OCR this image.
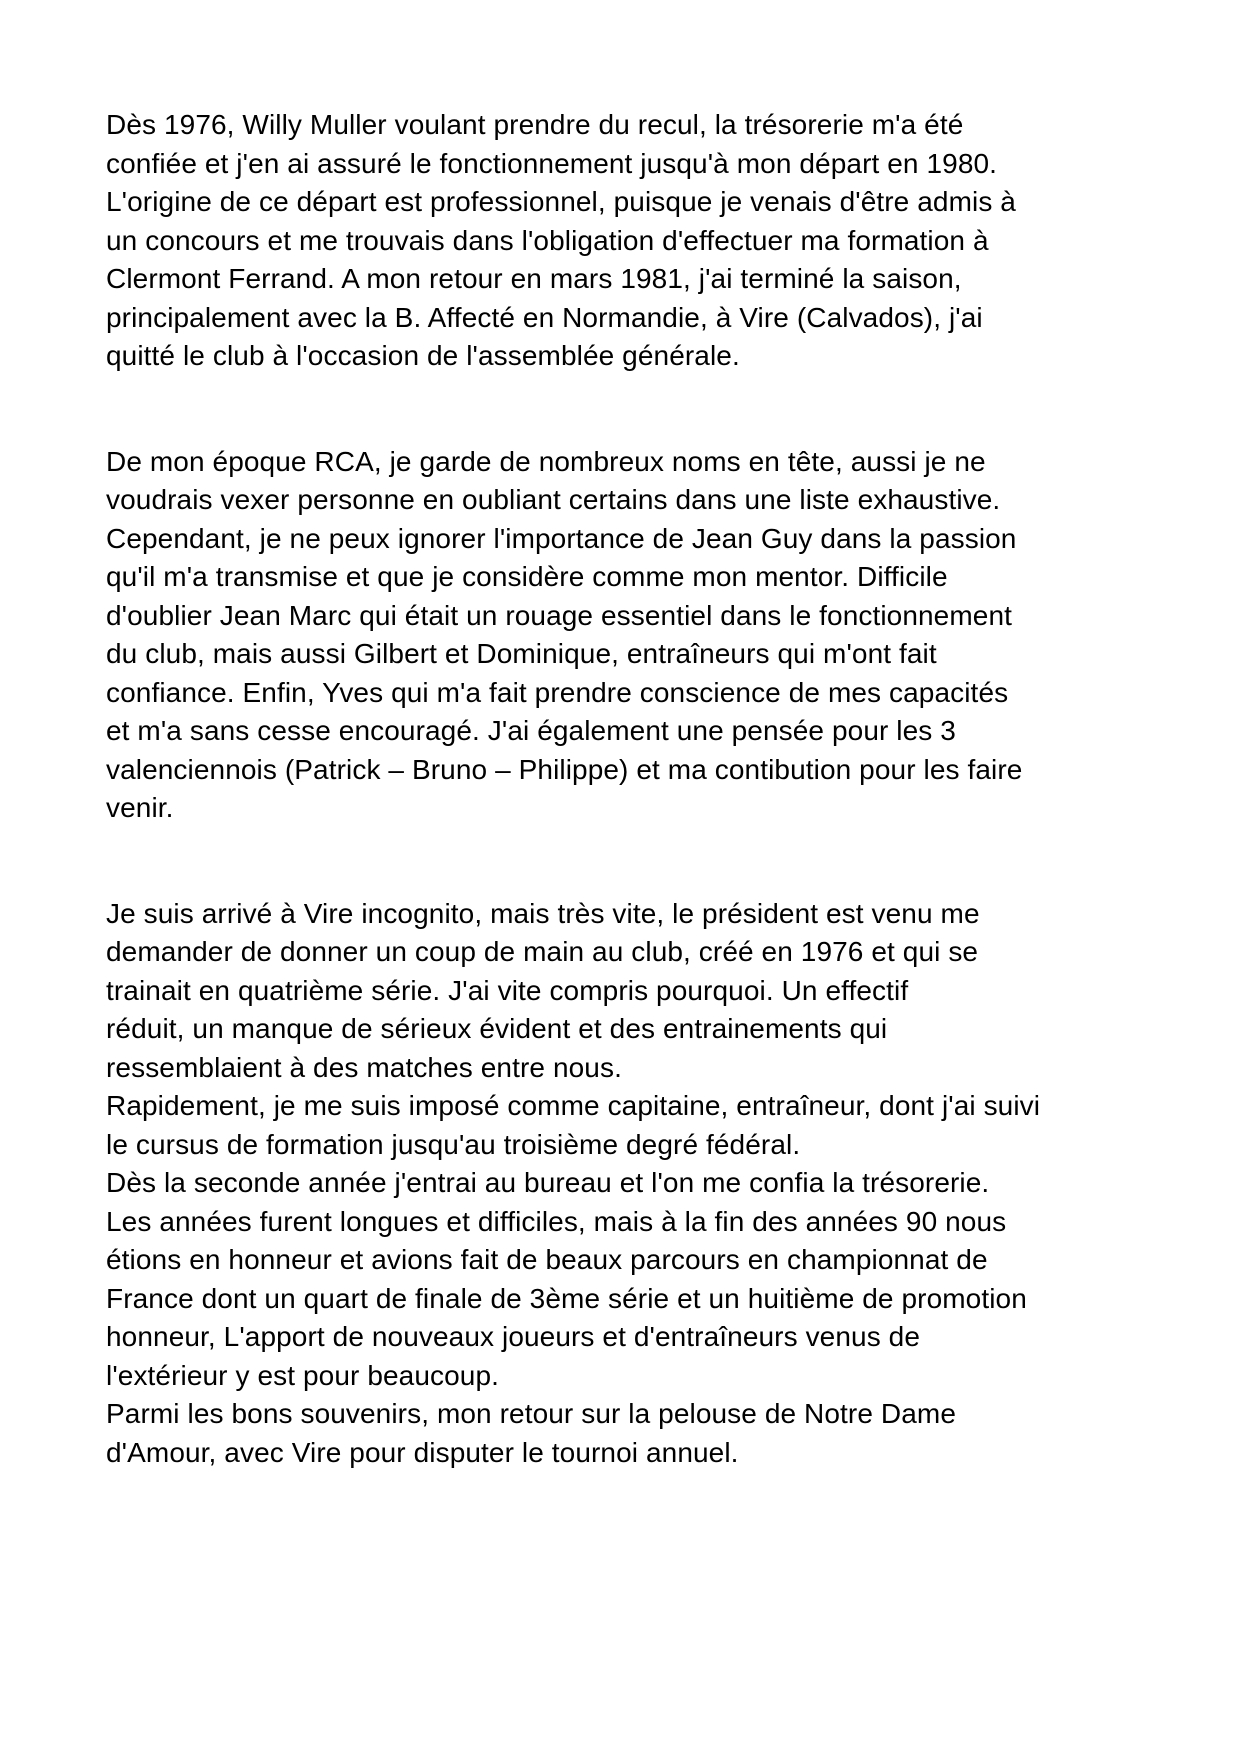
Dès 1976, Willy Muller voulant prendre du recul, la trésorerie m'a été
confiée et j'en ai assuré le fonctionnement jusqu'à mon départ en 1980.
L'origine de ce départ est professionnel, puisque je venais d'être admis à
un concours et me trouvais dans l'obligation d'effectuer ma formation à
Clermont Ferrand. A mon retour en mars 1981, j'ai terminé la saison,
principalement avec la B. Affecté en Normandie, à Vire (Calvados), j'ai
quitté le club à l'occasion de l'assemblée générale.
De mon époque RCA, je garde de nombreux noms en tête, aussi je ne
voudrais vexer personne en oubliant certains dans une liste exhaustive.
Cependant, je ne peux ignorer l'importance de Jean Guy dans la passion
qu'il m'a transmise et que je considère comme mon mentor. Difficile
d'oublier Jean Marc qui était un rouage essentiel dans le fonctionnement
du club, mais aussi Gilbert et Dominique, entraîneurs qui m'ont fait
confiance. Enfin, Yves qui m'a fait prendre conscience de mes capacités
et m'a sans cesse encouragé. J'ai également une pensée pour les 3
valenciennois (Patrick – Bruno – Philippe) et ma contibution pour les faire
venir.
Je suis arrivé à Vire incognito, mais très vite, le président est venu me
demander de donner un coup de main au club, créé en 1976 et qui se
trainait en quatrième série. J'ai vite compris pourquoi. Un effectif
réduit, un manque de sérieux évident et des entrainements qui
ressemblaient à des matches entre nous.
Rapidement, je me suis imposé comme capitaine, entraîneur, dont j'ai suivi
le cursus de formation jusqu'au troisième degré fédéral.
Dès la seconde année j'entrai au bureau et l'on me confia la trésorerie.
Les années furent longues et difficiles, mais à la fin des années 90 nous
étions en honneur et avions fait de beaux parcours en championnat de
France dont un quart de finale de 3ème série et un huitième de promotion
honneur, L'apport de nouveaux joueurs et d'entraîneurs venus de
l'extérieur y est pour beaucoup.
Parmi les bons souvenirs, mon retour sur la pelouse de Notre Dame
d'Amour, avec Vire pour disputer le tournoi annuel.
